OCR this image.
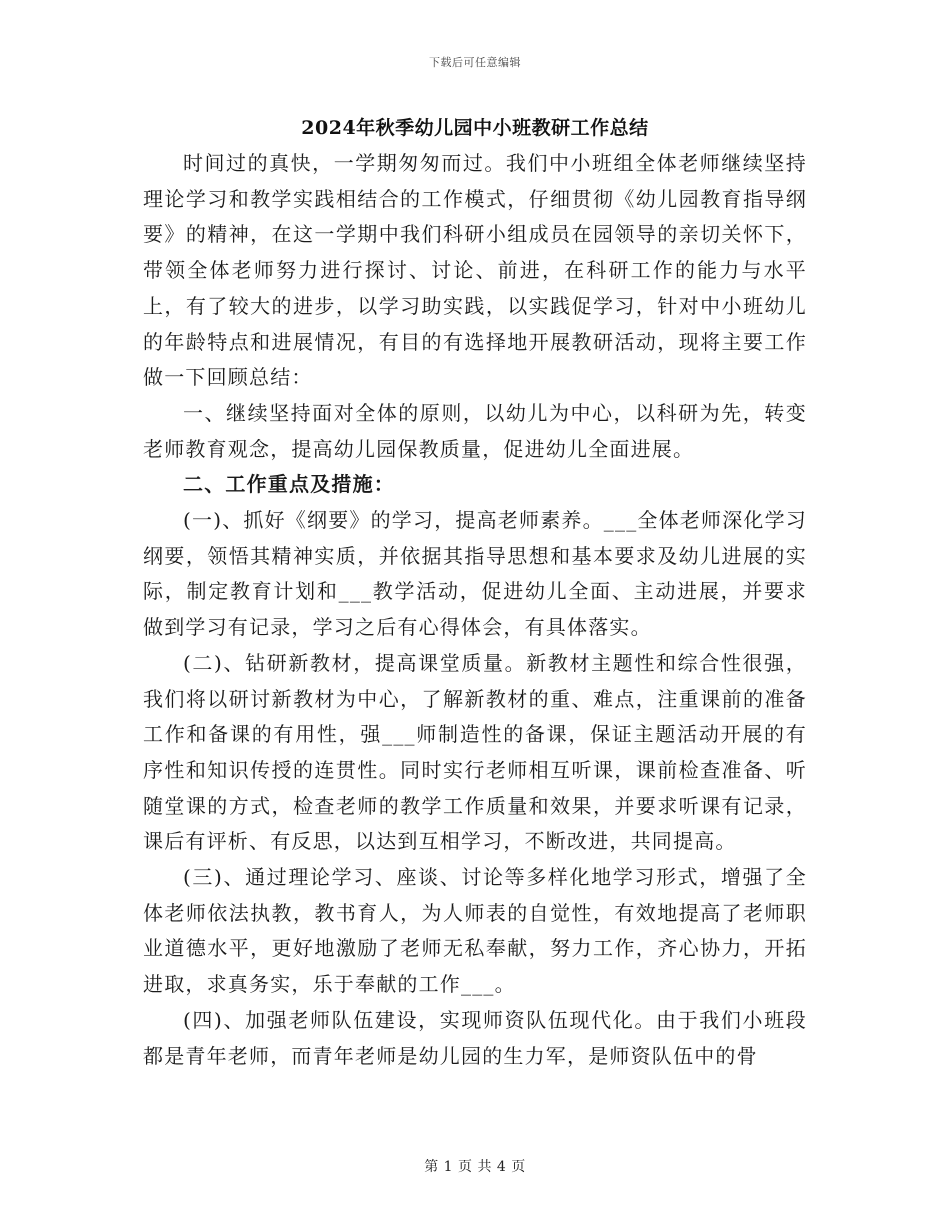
下载后可任意编辑
2024年秋季幼儿园中小班教研工作总结

时间过的真快，一学期匆匆而过。我们中小班组全体老师继续坚持理论学习和教学实践相结合的工作模式，仔细贯彻《幼儿园教育指导纲要》的精神，在这一学期中我们科研小组成员在园领导的亲切关怀下，带领全体老师努力进行探讨、讨论、前进，在科研工作的能力与水平上，有了较大的进步，以学习助实践，以实践促学习，针对中小班幼儿的年龄特点和进展情况，有目的有选择地开展教研活动，现将主要工作做一下回顾总结：

一、继续坚持面对全体的原则，以幼儿为中心，以科研为先，转变老师教育观念，提高幼儿园保教质量，促进幼儿全面进展。

二、工作重点及措施：

(一)、抓好《纲要》的学习，提高老师素养。___全体老师深化学习纲要，领悟其精神实质，并依据其指导思想和基本要求及幼儿进展的实际，制定教育计划和___教学活动，促进幼儿全面、主动进展，并要求做到学习有记录，学习之后有心得体会，有具体落实。

(二)、钻研新教材，提高课堂质量。新教材主题性和综合性很强，我们将以研讨新教材为中心，了解新教材的重、难点，注重课前的准备工作和备课的有用性，强___师制造性的备课，保证主题活动开展的有序性和知识传授的连贯性。同时实行老师相互听课，课前检查准备、听随堂课的方式，检查老师的教学工作质量和效果，并要求听课有记录，课后有评析、有反思，以达到互相学习，不断改进，共同提高。

(三)、通过理论学习、座谈、讨论等多样化地学习形式，增强了全体老师依法执教，教书育人，为人师表的自觉性，有效地提高了老师职业道德水平，更好地激励了老师无私奉献，努力工作，齐心协力，开拓进取，求真务实，乐于奉献的工作___。

(四)、加强老师队伍建设，实现师资队伍现代化。由于我们小班段都是青年老师，而青年老师是幼儿园的生力军，是师资队伍中的骨

第 1 页 共 4 页
